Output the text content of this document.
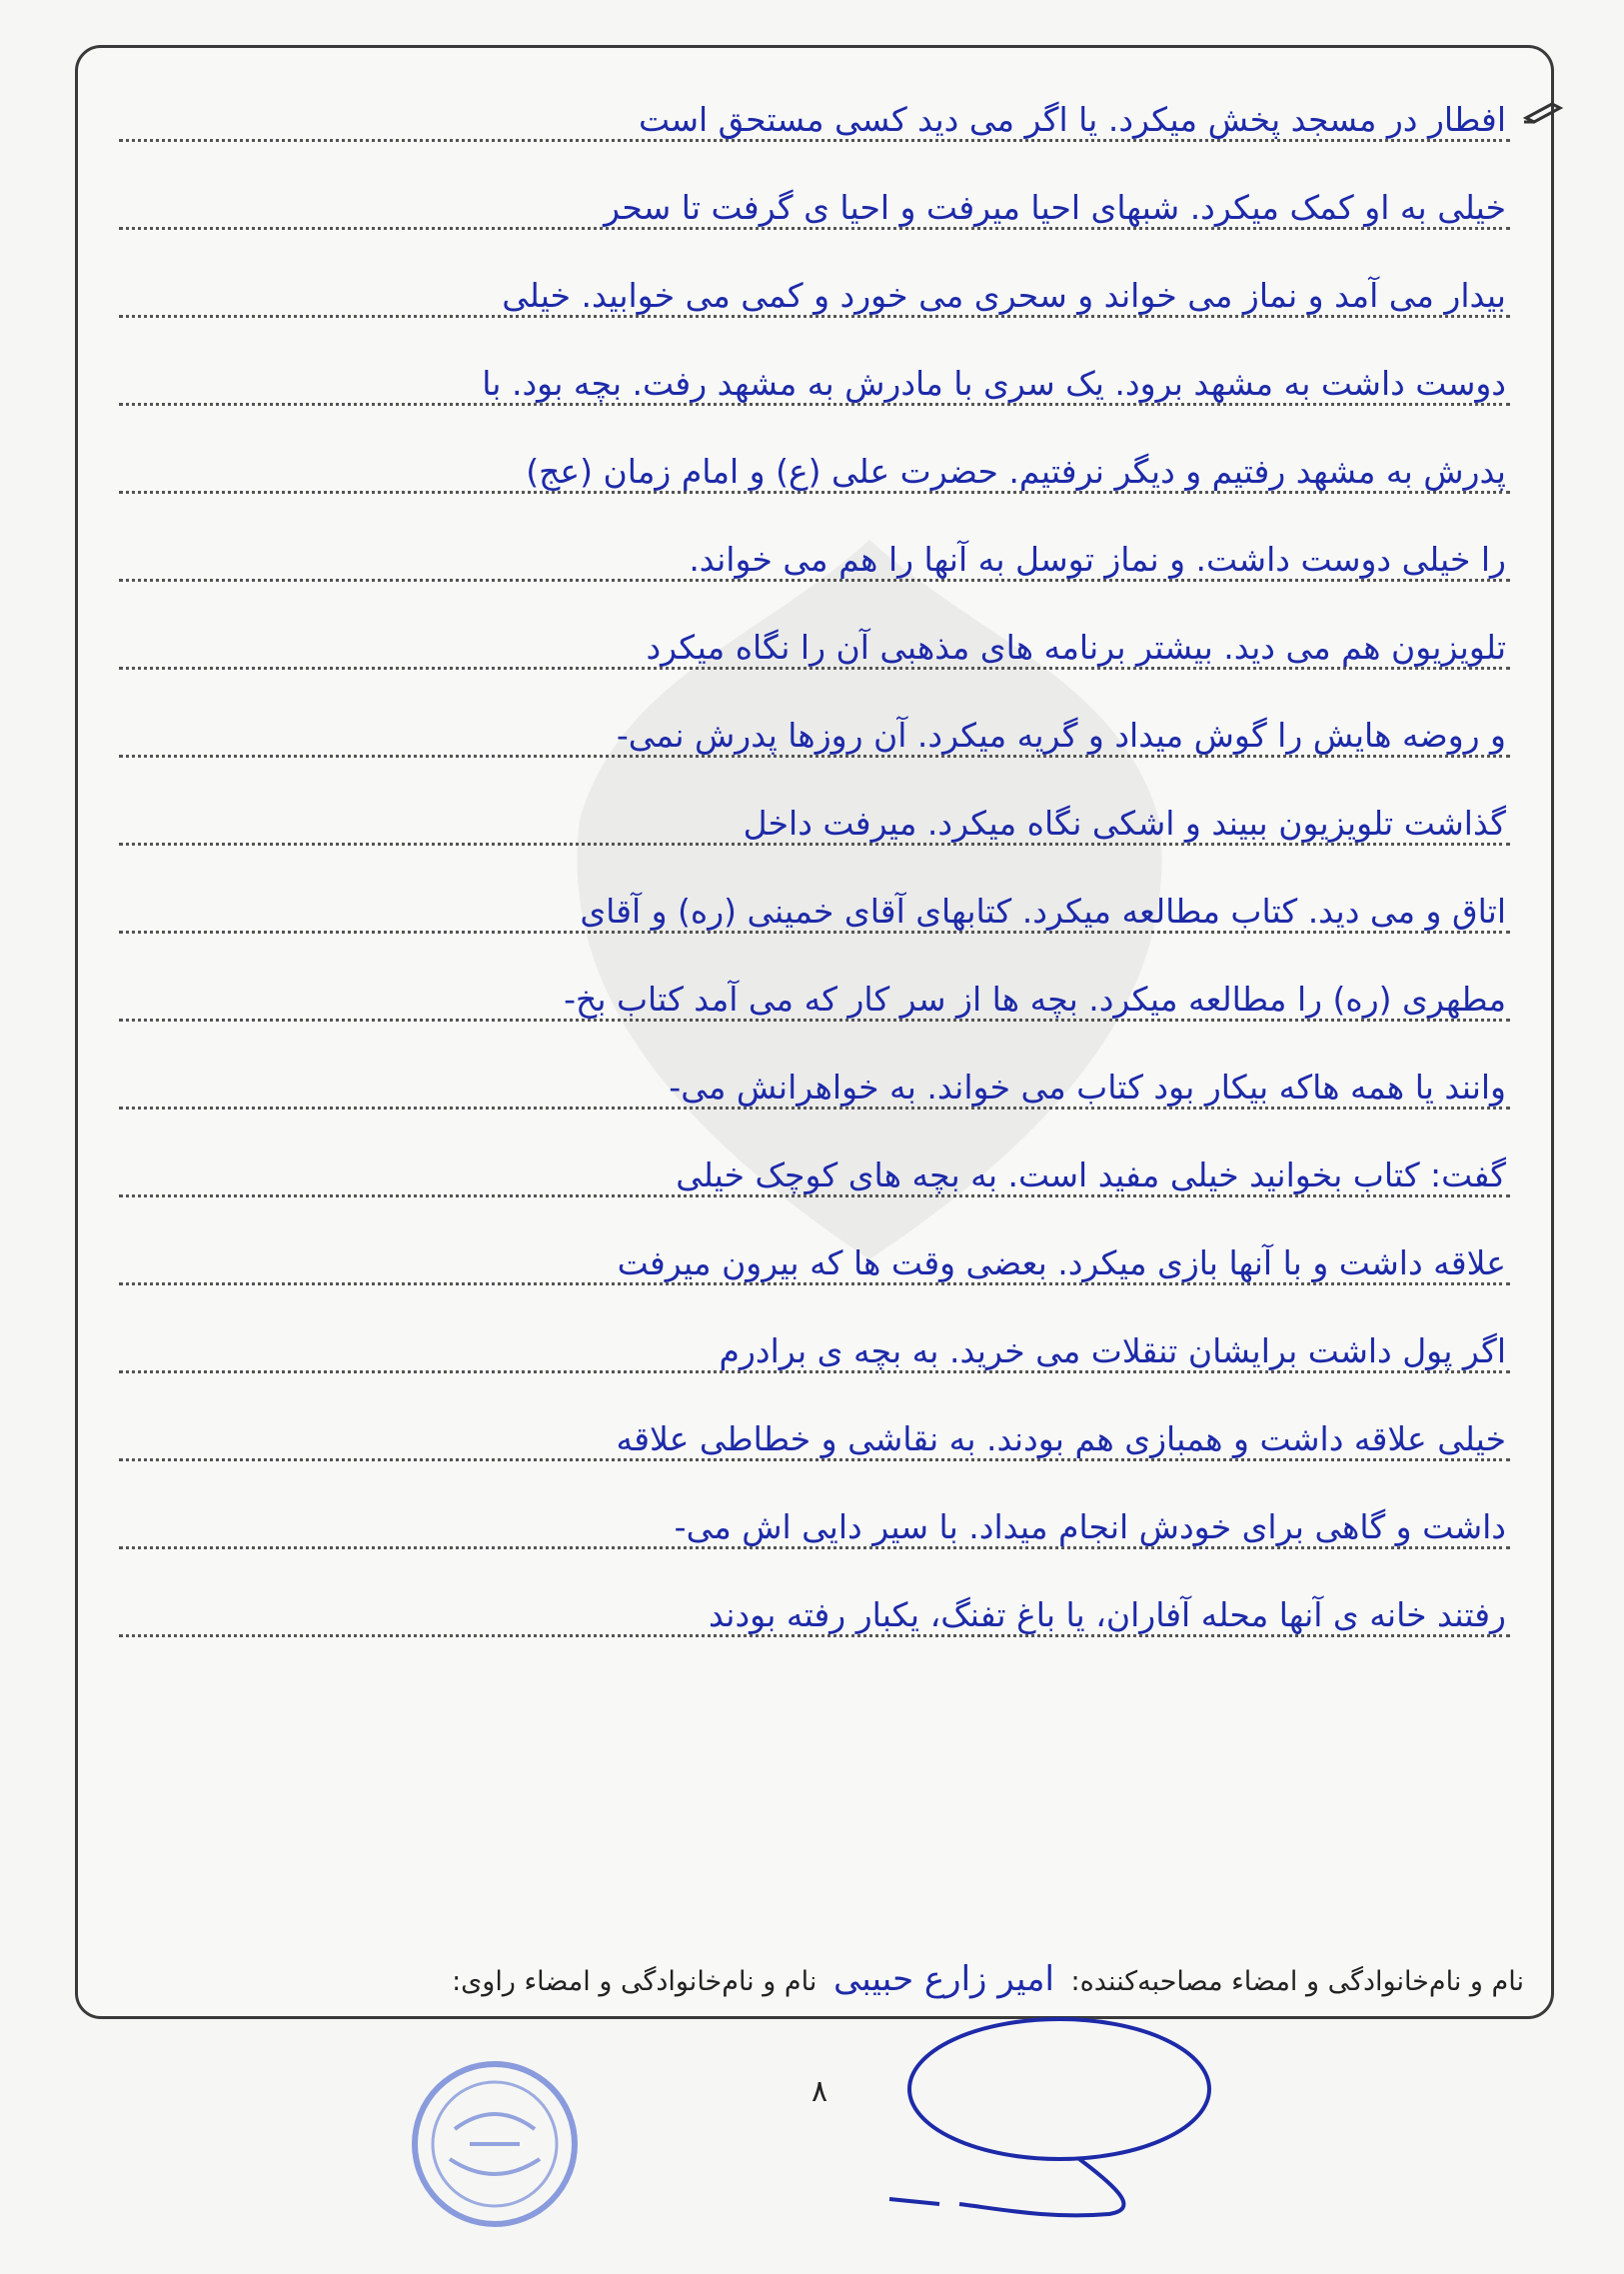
افطار در مسجد پخش میکرد. یا اگر می دید کسی مستحق است
خیلی به او کمک میکرد. شبهای احیا میرفت و احیا ی گرفت تا سحر
بیدار می آمد و نماز می خواند و سحری می خورد و کمی می خوابید. خیلی
دوست داشت به مشهد برود. یک سری با مادرش به مشهد رفت. بچه بود. با
پدرش به مشهد رفتیم و دیگر نرفتیم. حضرت علی (ع) و امام زمان (عج)
را خیلی دوست داشت. و نماز توسل به آنها را هم می خواند.
تلویزیون هم می دید. بیشتر برنامه های مذهبی آن را نگاه میکرد
و روضه هایش را گوش میداد و گریه میکرد. آن روزها پدرش نمی-
گذاشت تلویزیون ببیند و اشکی نگاه میکرد. میرفت داخل
اتاق و می دید. کتاب مطالعه میکرد. کتابهای آقای خمینی (ره) و آقای
مطهری (ره) را مطالعه میکرد. بچه ها از سر کار که می آمد کتاب بخ-
وانند یا همه هاکه بیکار بود کتاب می خواند. به خواهرانش می-
گفت: کتاب بخوانید خیلی مفید است. به بچه های کوچک خیلی
علاقه داشت و با آنها بازی میکرد. بعضی وقت ها که بیرون میرفت
اگر پول داشت برایشان تنقلات می خرید. به بچه ی برادرم
خیلی علاقه داشت و همبازی هم بودند. به نقاشی و خطاطی علاقه
داشت و گاهی برای خودش انجام میداد. با سیر دایی اش می-
رفتند خانه ی آنها محله آفاران، یا باغ تفنگ، یکبار رفته بودند
نام و نام‌خانوادگی و امضاء مصاحبه‌کننده: امیر زارع حبیبی نام و نام‌خانوادگی و امضاء راوی:
۸
